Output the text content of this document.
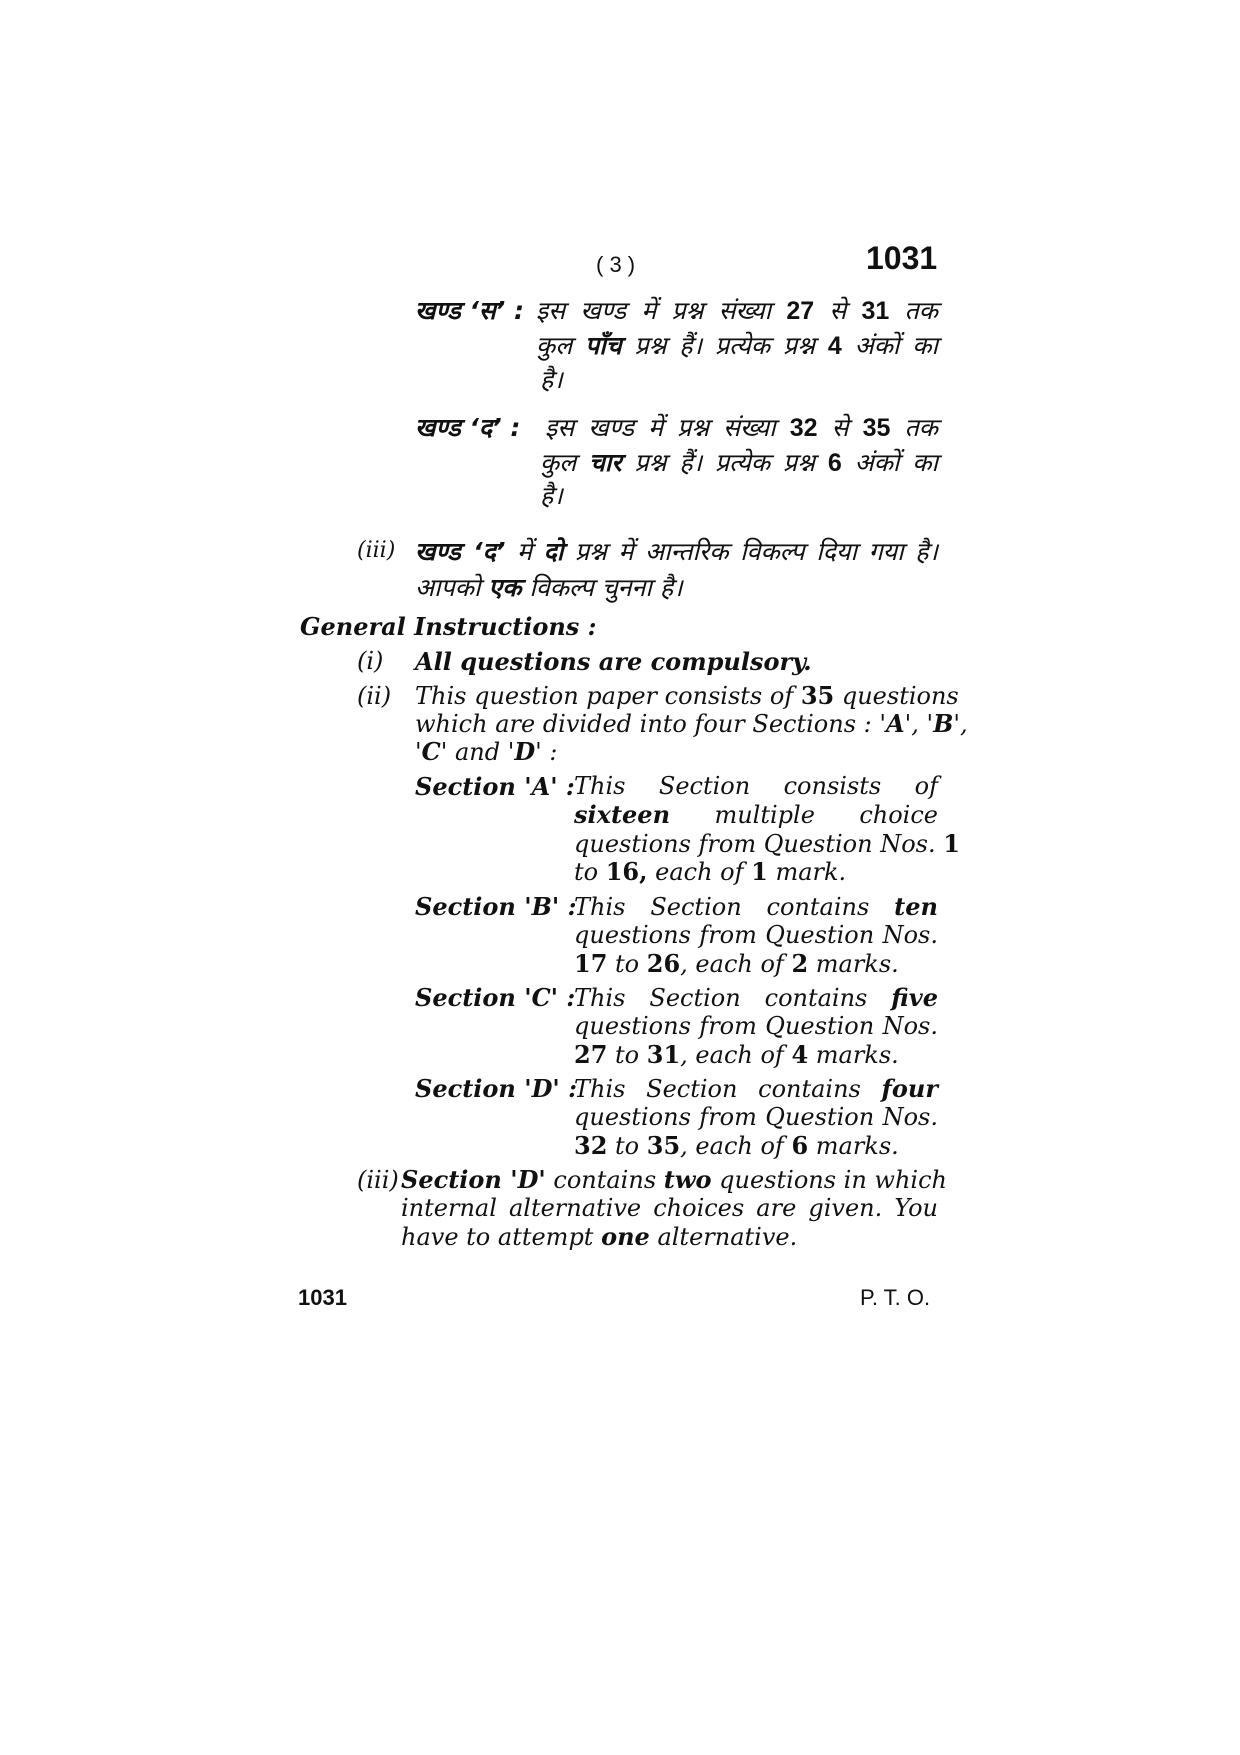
( 3 )	1031
खण्ड ‘स’ : इस खण्ड में प्रश्न संख्या 27 से 31 तक
कुल पाँच प्रश्न हैं। प्रत्येक प्रश्न 4 अंकों का
है।
खण्ड ‘द’ : इस खण्ड में प्रश्न संख्या 32 से 35 तक
कुल चार प्रश्न हैं। प्रत्येक प्रश्न 6 अंकों का
है।
(iii) खण्ड ‘द’ में दो प्रश्न में आन्तरिक विकल्प दिया गया है।
आपको एक विकल्प चुनना है।
General Instructions :
(i) All questions are compulsory.
(ii) This question paper consists of 35 questions
which are divided into four Sections : 'A', 'B',
'C' and 'D' :
Section 'A' : This Section consists of
sixteen multiple choice
questions from Question Nos. 1
to 16, each of 1 mark.
Section 'B' :
This Section contains ten
questions from Question Nos.
17 to 26, each of 2 marks.
Section 'C' :
This Section contains five
questions from Question Nos.
27 to 31, each of 4 marks.
Section 'D' :
This Section contains four
questions from Question Nos.
32 to 35, each of 6 marks.
(iii) Section 'D' contains two questions in which
internal alternative choices are given. You
have to attempt one alternative.
1031	P. T. O.
